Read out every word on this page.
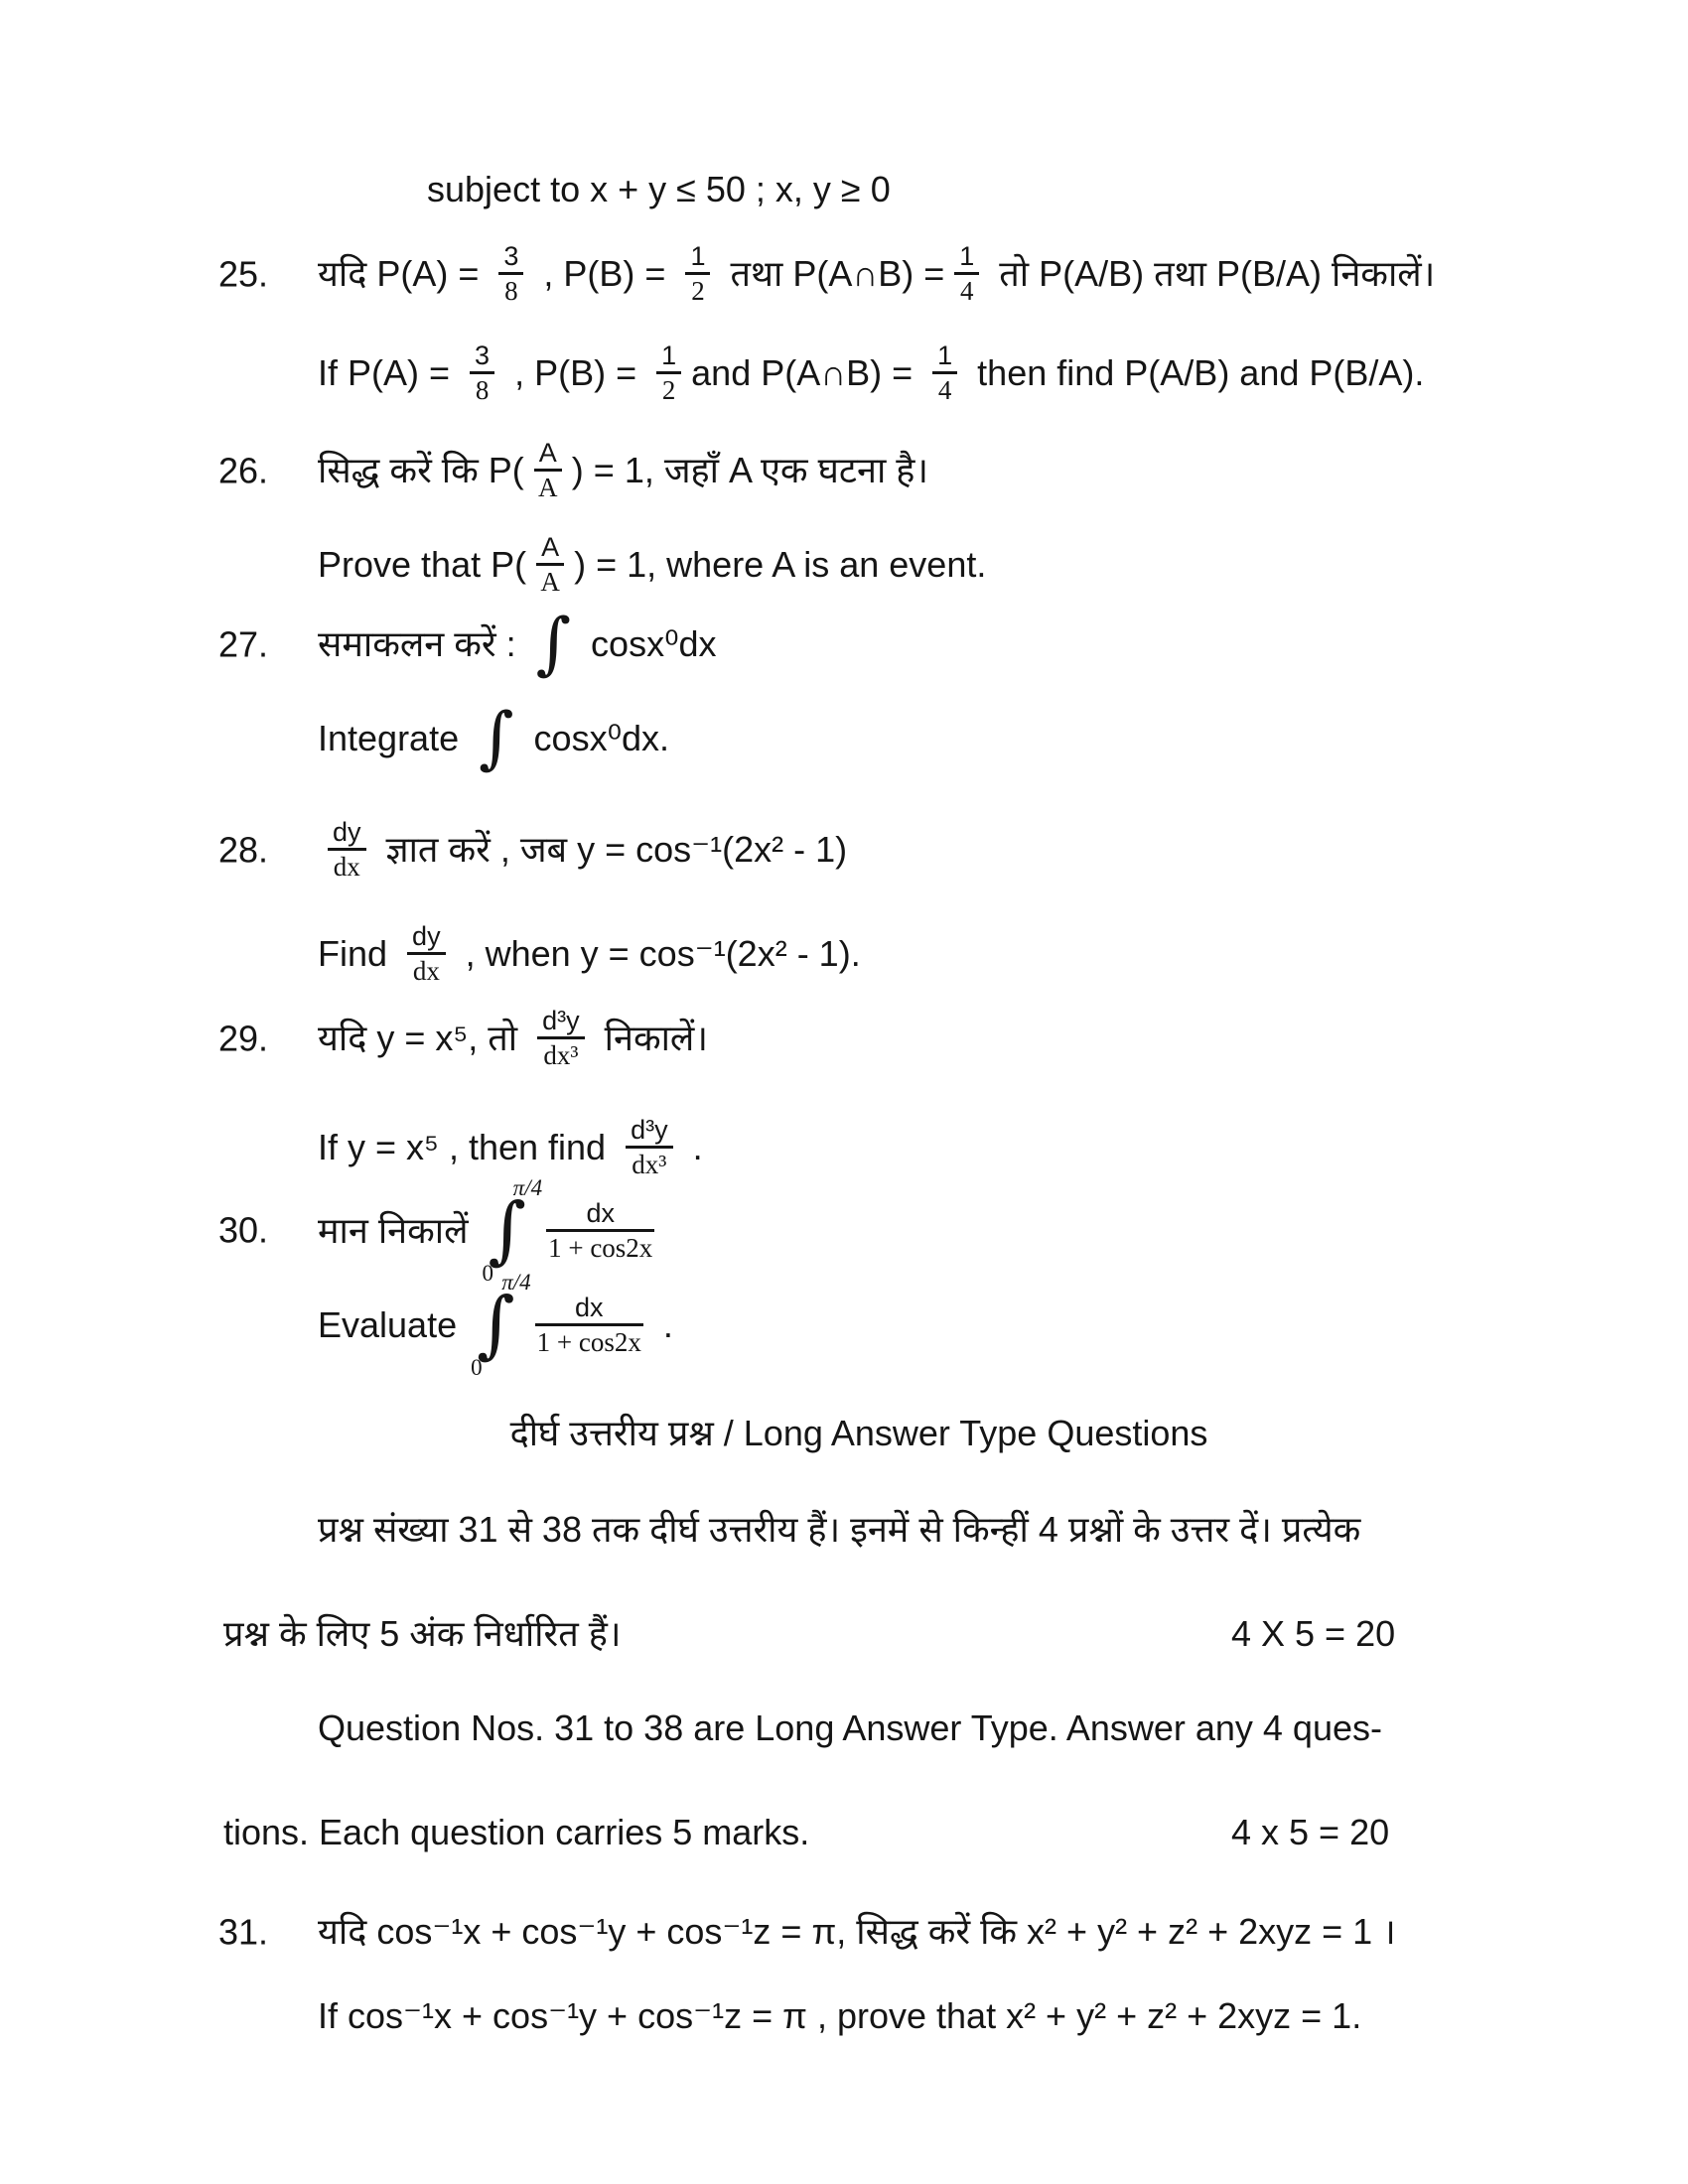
subject to x + y ≤ 50 ; x, y ≥ 0
25. यदि $P(A) = \frac{3}{8}$ , $P(B) = \frac{1}{2}$ तथा P(A∩B) = $\frac{1}{4}$ तो P(A/B) तथा P(B/A) निकालें।
If $P(A) = \frac{3}{8}$ , $P(B) = \frac{1}{2}$ and P(A∩B) = $\frac{1}{4}$ then find P(A/B) and P(B/A).
26. सिद्ध करें कि $P( \frac{A}{A}$ ) = 1, जहाँ A एक घटना है।
Prove that $P( \frac{A}{A}$ ) = 1, where A is an event.
27. समाकलन करें : ∫ cosx⁰dx
Integrate ∫ cosx⁰dx.
28. $\frac{dy}{dx}$ ज्ञात करें , जब y = cos⁻¹(2x² - 1)
Find $\frac{dy}{dx}$ , when y = cos⁻¹(2x² - 1).
29. यदि y = x⁵, तो $\frac{\text{d³y}}{\text{dx³}}$ निकालें।
If y = x⁵ , then find $\frac{\text{d³y}}{\text{dx³}}$ .
30. मान निकालें
π/4
∫
0
$\frac{dx}{1 + \cos 2x}$
Evaluate
π/4
∫
0
$\frac{dx}{1 + \cos 2x}$ .
दीर्घ उत्तरीय प्रश्न / Long Answer Type Questions
प्रश्न संख्या 31 से 38 तक दीर्घ उत्तरीय हैं। इनमें से किन्हीं 4 प्रश्नों के उत्तर दें। प्रत्येक
प्रश्न के लिए 5 अंक निर्धारित हैं।	4 X 5 = 20
Question Nos. 31 to 38 are Long Answer Type. Answer any 4 ques-
tions. Each question carries 5 marks.	4 x 5 = 20
31. यदि cos⁻¹x + cos⁻¹y + cos⁻¹z = π, सिद्ध करें कि x² + y² + z² + 2xyz = 1 ।
If cos⁻¹x + cos⁻¹y + cos⁻¹z = π , prove that x² + y² + z² + 2xyz = 1.
